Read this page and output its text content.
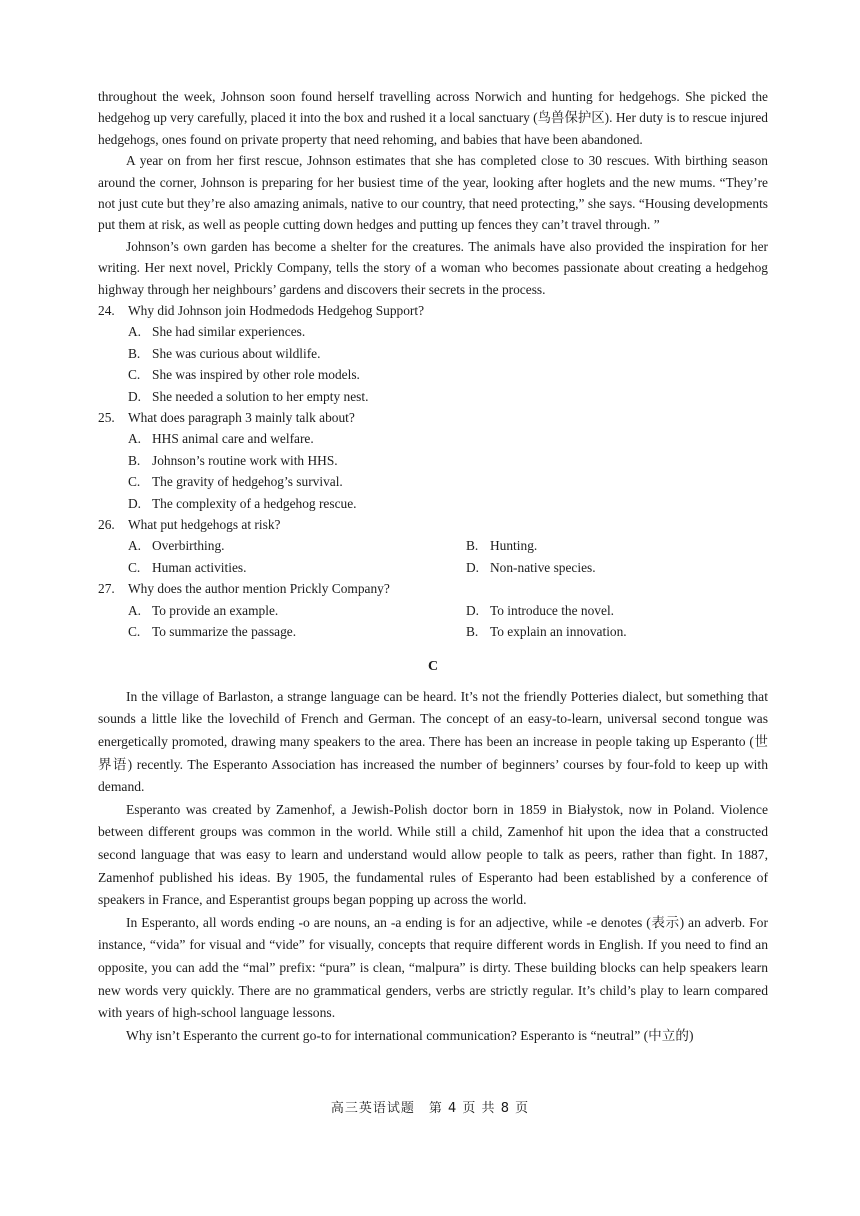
throughout the week, Johnson soon found herself travelling across Norwich and hunting for hedgehogs. She picked the hedgehog up very carefully, placed it into the box and rushed it a local sanctuary (鸟兽保护区). Her duty is to rescue injured hedgehogs, ones found on private property that need rehoming, and babies that have been abandoned.

A year on from her first rescue, Johnson estimates that she has completed close to 30 rescues. With birthing season around the corner, Johnson is preparing for her busiest time of the year, looking after hoglets and the new mums. “They’re not just cute but they’re also amazing animals, native to our country, that need protecting,” she says. “Housing developments put them at risk, as well as people cutting down hedges and putting up fences they can’t travel through. ”

Johnson’s own garden has become a shelter for the creatures. The animals have also provided the inspiration for her writing. Her next novel, Prickly Company, tells the story of a woman who becomes passionate about creating a hedgehog highway through her neighbours’ gardens and discovers their secrets in the process.

24. Why did Johnson join Hodmedods Hedgehog Support?
A. She had similar experiences.
B. She was curious about wildlife.
C. She was inspired by other role models.
D. She needed a solution to her empty nest.
25. What does paragraph 3 mainly talk about?
A. HHS animal care and welfare.
B. Johnson’s routine work with HHS.
C. The gravity of hedgehog’s survival.
D. The complexity of a hedgehog rescue.
26. What put hedgehogs at risk?
A. Overbirthing.	B. Hunting.
C. Human activities.	D. Non-native species.
27. Why does the author mention Prickly Company?
A. To provide an example.	D. To introduce the novel.
C. To summarize the passage.	B. To explain an innovation.
C

In the village of Barlaston, a strange language can be heard. It’s not the friendly Potteries dialect, but something that sounds a little like the lovechild of French and German. The concept of an easy-to-learn, universal second tongue was energetically promoted, drawing many speakers to the area. There has been an increase in people taking up Esperanto (世界语) recently. The Esperanto Association has increased the number of beginners’ courses by four-fold to keep up with demand.

Esperanto was created by Zamenhof, a Jewish-Polish doctor born in 1859 in Białystok, now in Poland. Violence between different groups was common in the world. While still a child, Zamenhof hit upon the idea that a constructed second language that was easy to learn and understand would allow people to talk as peers, rather than fight. In 1887, Zamenhof published his ideas. By 1905, the fundamental rules of Esperanto had been established by a conference of speakers in France, and Esperantist groups began popping up across the world.

In Esperanto, all words ending -o are nouns, an -a ending is for an adjective, while -e denotes (表示) an adverb. For instance, “vida” for visual and “vide” for visually, concepts that require different words in English. If you need to find an opposite, you can add the “mal” prefix: “pura” is clean, “malpura” is dirty. These building blocks can help speakers learn new words very quickly. There are no grammatical genders, verbs are strictly regular. It’s child’s play to learn compared with years of high-school language lessons.

Why isn’t Esperanto the current go-to for international communication? Esperanto is “neutral” (中立的)

高三英语试题　第 4 页 共 8 页
